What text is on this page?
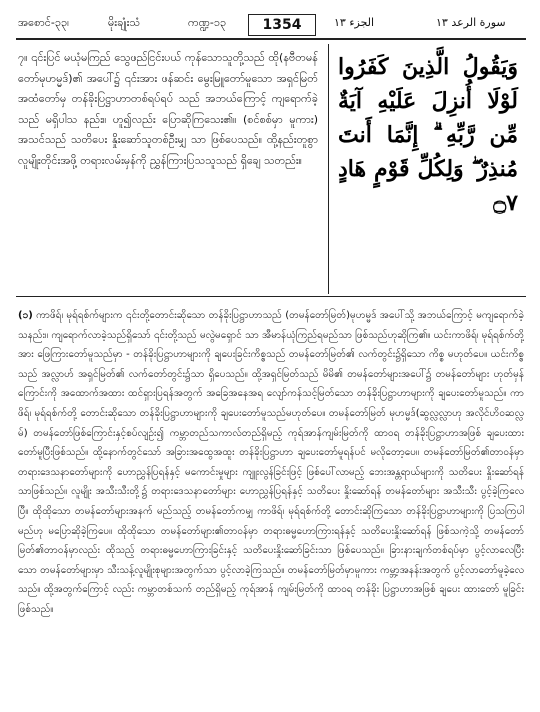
အစောင်-၃၃၊	မိုးချုံးသံ	ကဏ္ဍ-၁၃	1354	الجزء ۱۳	سورة الرعد ۱۳

၇။ ၎င်းပြင် မယုံမကြည် သွေဖည်ငြင်းပယ် ကုန်သောသူတို့သည် ထို(နဗီတမန်တော်မုဟမ္မဒ်)၏ အပေါ်၌ ၎င်းအား ဖန်ဆင်း မွေးမြူတော်မူသော အရှင်မြတ်အထံတော်မှ တန်ခိုးပြဋ္ဌာဟာတစ်ရပ်ရပ် သည် အဘယ်ကြောင့် ကျရောက်ခဲ့သည် မရှိပါသ နည်း။ ဟူ၍လည်း ပြောဆိုကြသေး၏။ (စင်စစ်မှာ မူကား) အသင်သည် သတိပေး နှိုးဆော်သူတစ်ဦးမျှ သာ ဖြစ်ပေသည်။ ထို့နည်းတူစွာ လူမျိုးတိုင်းအဖို့ တရားလမ်းမှန်ကို ညွှန်ကြားပြသသူသည် ရှိချေ သတည်း။

وَيَقُولُ الَّذِينَ كَفَرُوا لَوْلَا أُنزِلَ عَلَيْهِ آيَةٌ مِّن رَّبِّهِ ۗ إِنَّمَا أَنتَ مُنذِرٌ ۖ وَلِكُلِّ قَوْمٍ هَادٍ ۝٧

(၁) ကာဖိရ်၊ မုရ်ရစ်က်များက ၎င်းတို့တောင်းဆိုသော တန်ခိုးပြဋ္ဌာဟာသည် (တမန်တော်မြတ်)မုဟမ္မဒ် အပေါ်သို့ အဘယ်ကြောင့် မကျရောက်ခဲ့သနည်း။ ကျရောက်လာခဲ့သည်ရှိသော် ၎င်းတို့သည် မလွဲမရှောင် သာ အီမာန်ယုံကြည်ရမည်သာ ဖြစ်သည်ဟုဆိုကြ၏။ ယင်းကာဖိရ်၊ မုရ်ရစ်က်တို့အား ဖြေကြားတော်မူသည်မှာ - တန်ခိုးပြဋ္ဌာဟာများကို ချပေးခြင်းကိစ္စသည် တမန်တော်မြတ်၏ လက်တွင်း၌ရှိသော ကိစ္စ မဟုတ်ပေ။ ယင်းကိစ္စသည် အလ္လာဟ် အရှင်မြတ်၏ လက်တော်တွင်း၌သာ ရှိပေသည်။ ထို့အရှင်မြတ်သည် မိမိ၏ တမန်တော်များအပေါ်၌ တမန်တော်များ ဟုတ်မှန်ကြောင်းကို အထောက်အထား ထင်ရှားပြရန်အတွက် အခြေအနေအရ လျော်ကန်သင့်မြတ်သော တန်ခိုးပြဋ္ဌာဟာများကို ချပေးတော်မူသည်။ ကာဖိရ်၊ မုရ်ရစ်က်တို့ တောင်းဆိုသော တန်ခိုးပြဋ္ဌာဟာများကို ချပေးတော်မူသည်မဟုတ်ပေ။ တမန်တော်မြတ် မုဟမ္မဒ်(ဆွလ္လလ္လာဟု အလိုင်ဟိဝဆလ္လမ်) တမန်တော်ဖြစ်ကြောင်းနှင့်စပ်လျဉ်း၍ ကမ္ဘာတည်သကာလ်တည်ရှိမည့် ကုရ်အာန်ကျမ်းမြတ်ကို ထာဝရ တန်ခိုးပြဋ္ဌာဟာအဖြစ် ချပေးထားတော်မူပြီးဖြစ်သည်။ ထို့နောက်တွင်သော် အခြားအထွေအထူး တန်ခိုးပြဋ္ဌာဟာ ချပေးတော်မူရန်ပင် မလိုတော့ပေ။ တမန်တော်မြတ်၏တာဝန်မှာ တရားဒေသနာတော်များကို ဟောညွှန်ပြရန်နှင့် မကောင်းမှုများ ကျူးလွန်ခြင်းဖြင့် ဖြစ်ပေါ်လာမည့် ဘေးအန္တရာယ်များကို သတိပေး နှိုးဆော်ရန်သာဖြစ်သည်။ လူမျိုး အသီးသီးတို့၌ တရားဒေသနာတော်များ ဟောညွှန်ပြရန်နှင့် သတိပေး နှိုးဆော်ရန် တမန်တော်များ အသီးသီး ပွင့်ခဲ့ကြလေပြီ။ ထိုထိုသော တမန်တော်များအနက် မည်သည့် တမန်တော်ကမျှ ကာဖိရ်၊ မုရ်ရစ်က်တို့ တောင်းဆိုကြသော တန်ခိုးပြဋ္ဌာဟာများကို ပြသကြပါမည်ဟု မပြောဆိုခဲ့ကြပေ။ ထိုထိုသော တမန်တော်များ၏တာဝန်မှာ တရားဓမ္မဟောကြားရန်နှင့် သတိပေးနှိုးဆော်ရန် ဖြစ်သကဲ့သို့ တမန်တော်မြတ်၏တာဝန်မှာလည်း ထိုသည့် တရားဓမ္မဟောကြားခြင်းနှင့် သတိပေးနှိုးဆော်ခြင်းသာ ဖြစ်ပေသည်။ ခြားနားချက်တစ်ရပ်မှာ ပွင့်လာလေပြီးသော တမန်တော်များမှာ သီးသန့်လူမျိုးစုများအတွက်သာ ပွင့်လာခဲ့ကြသည်။ တမန်တော်မြတ်မှာမူကား ကမ္ဘာ့အနန်းအတွက် ပွင့်လာတော်မူခဲ့လေသည်။ ထို့အတွက်ကြောင့် လည်း ကမ္ဘာတစ်သက် တည်ရှိမည့် ကုရ်အာန် ကျမ်းမြတ်ကို ထာဝရ တန်ခိုး ပြဋ္ဌာဟာအဖြစ် ချပေး ထားတော် မူခြင်းဖြစ်သည်။
